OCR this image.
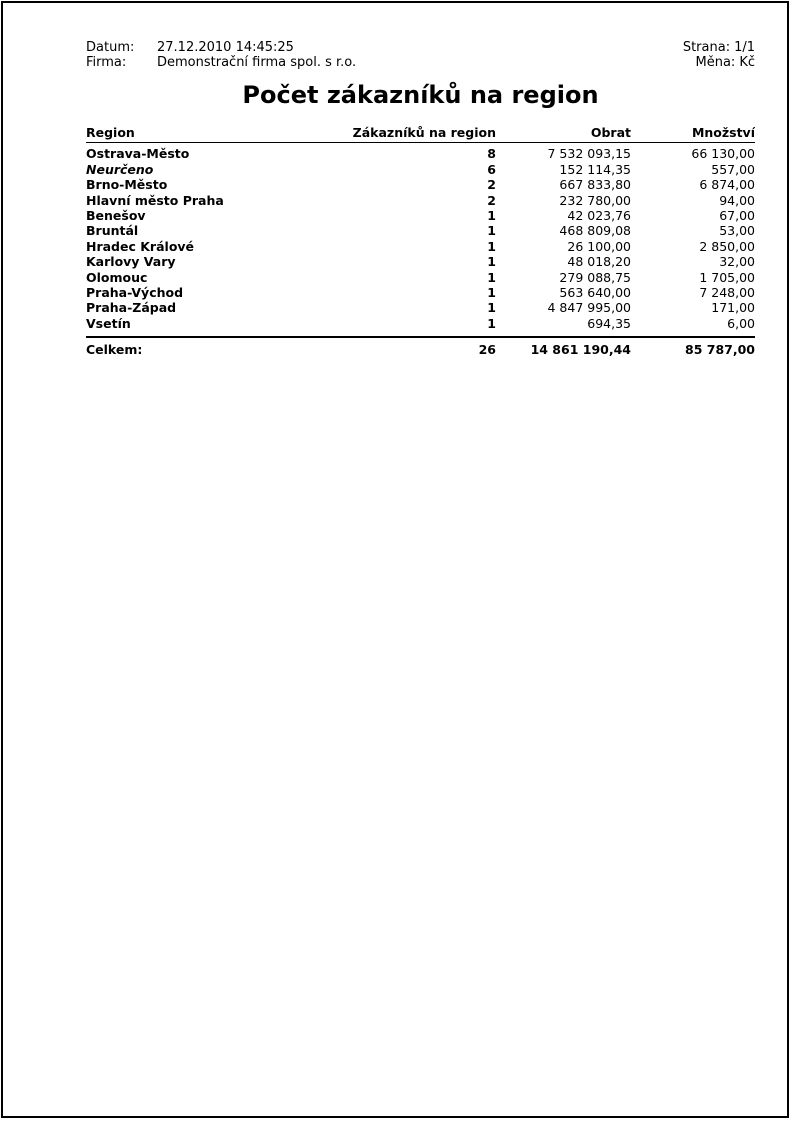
Datum:	27.12.2010 14:45:25
Firma:	Demonstrační firma spol. s r.o.
Strana: 1/1
Měna: Kč
Počet zákazníků na region
Region	Zákazníků na region	Obrat	Množství
Ostrava-Město	8	7 532 093,15	66 130,00
Neurčeno	6	152 114,35	557,00
Brno-Město	2	667 833,80	6 874,00
Hlavní město Praha	2	232 780,00	94,00
Benešov	1	42 023,76	67,00
Bruntál	1	468 809,08	53,00
Hradec Králové	1	26 100,00	2 850,00
Karlovy Vary	1	48 018,20	32,00
Olomouc	1	279 088,75	1 705,00
Praha-Východ	1	563 640,00	7 248,00
Praha-Západ	1	4 847 995,00	171,00
Vsetín	1	694,35	6,00
Celkem:	26	14 861 190,44	85 787,00
